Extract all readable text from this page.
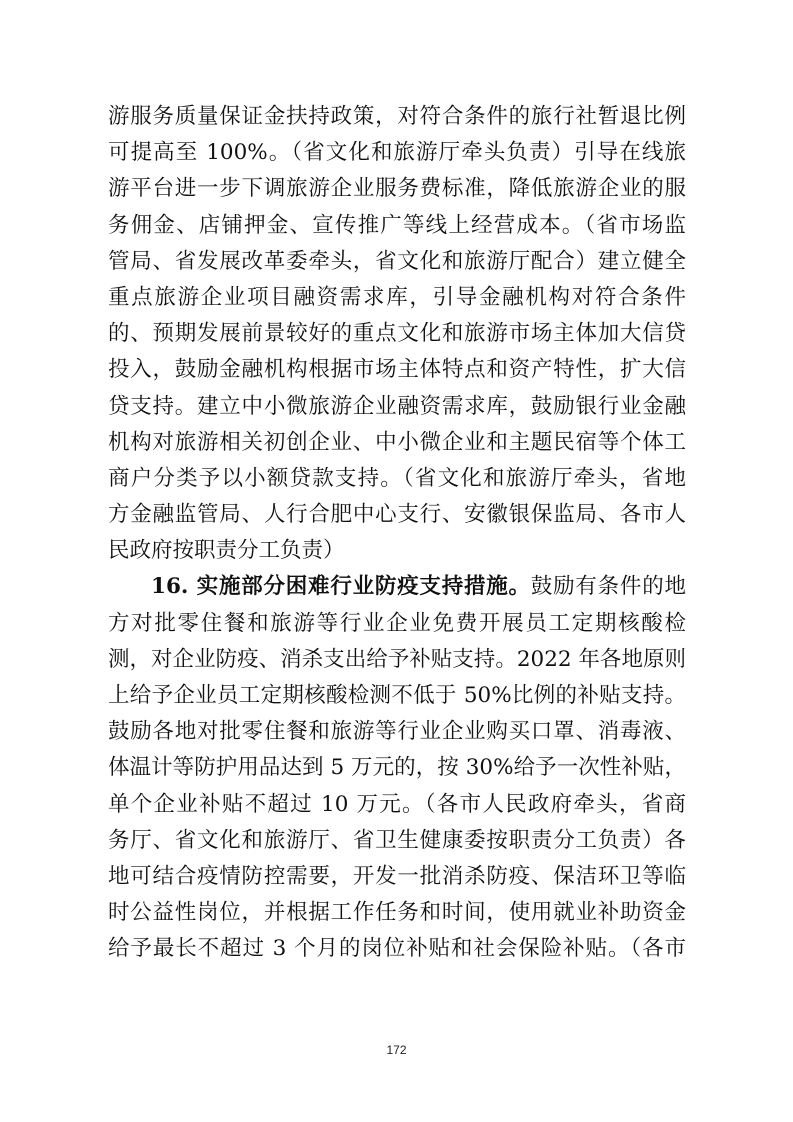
游服务质量保证金扶持政策，对符合条件的旅行社暂退比例
可提高至 100%。（省文化和旅游厅牵头负责）引导在线旅
游平台进一步下调旅游企业服务费标准，降低旅游企业的服
务佣金、店铺押金、宣传推广等线上经营成本。（省市场监
管局、省发展改革委牵头，省文化和旅游厅配合）建立健全
重点旅游企业项目融资需求库，引导金融机构对符合条件
的、预期发展前景较好的重点文化和旅游市场主体加大信贷
投入，鼓励金融机构根据市场主体特点和资产特性，扩大信
贷支持。建立中小微旅游企业融资需求库，鼓励银行业金融
机构对旅游相关初创企业、中小微企业和主题民宿等个体工
商户分类予以小额贷款支持。（省文化和旅游厅牵头，省地
方金融监管局、人行合肥中心支行、安徽银保监局、各市人
民政府按职责分工负责）
16. 实施部分困难行业防疫支持措施。鼓励有条件的地
方对批零住餐和旅游等行业企业免费开展员工定期核酸检
测，对企业防疫、消杀支出给予补贴支持。2022 年各地原则
上给予企业员工定期核酸检测不低于 50%比例的补贴支持。
鼓励各地对批零住餐和旅游等行业企业购买口罩、消毒液、
体温计等防护用品达到 5 万元的，按 30%给予一次性补贴，
单个企业补贴不超过 10 万元。（各市人民政府牵头，省商
务厅、省文化和旅游厅、省卫生健康委按职责分工负责）各
地可结合疫情防控需要，开发一批消杀防疫、保洁环卫等临
时公益性岗位，并根据工作任务和时间，使用就业补助资金
给予最长不超过 3 个月的岗位补贴和社会保险补贴。（各市
172
